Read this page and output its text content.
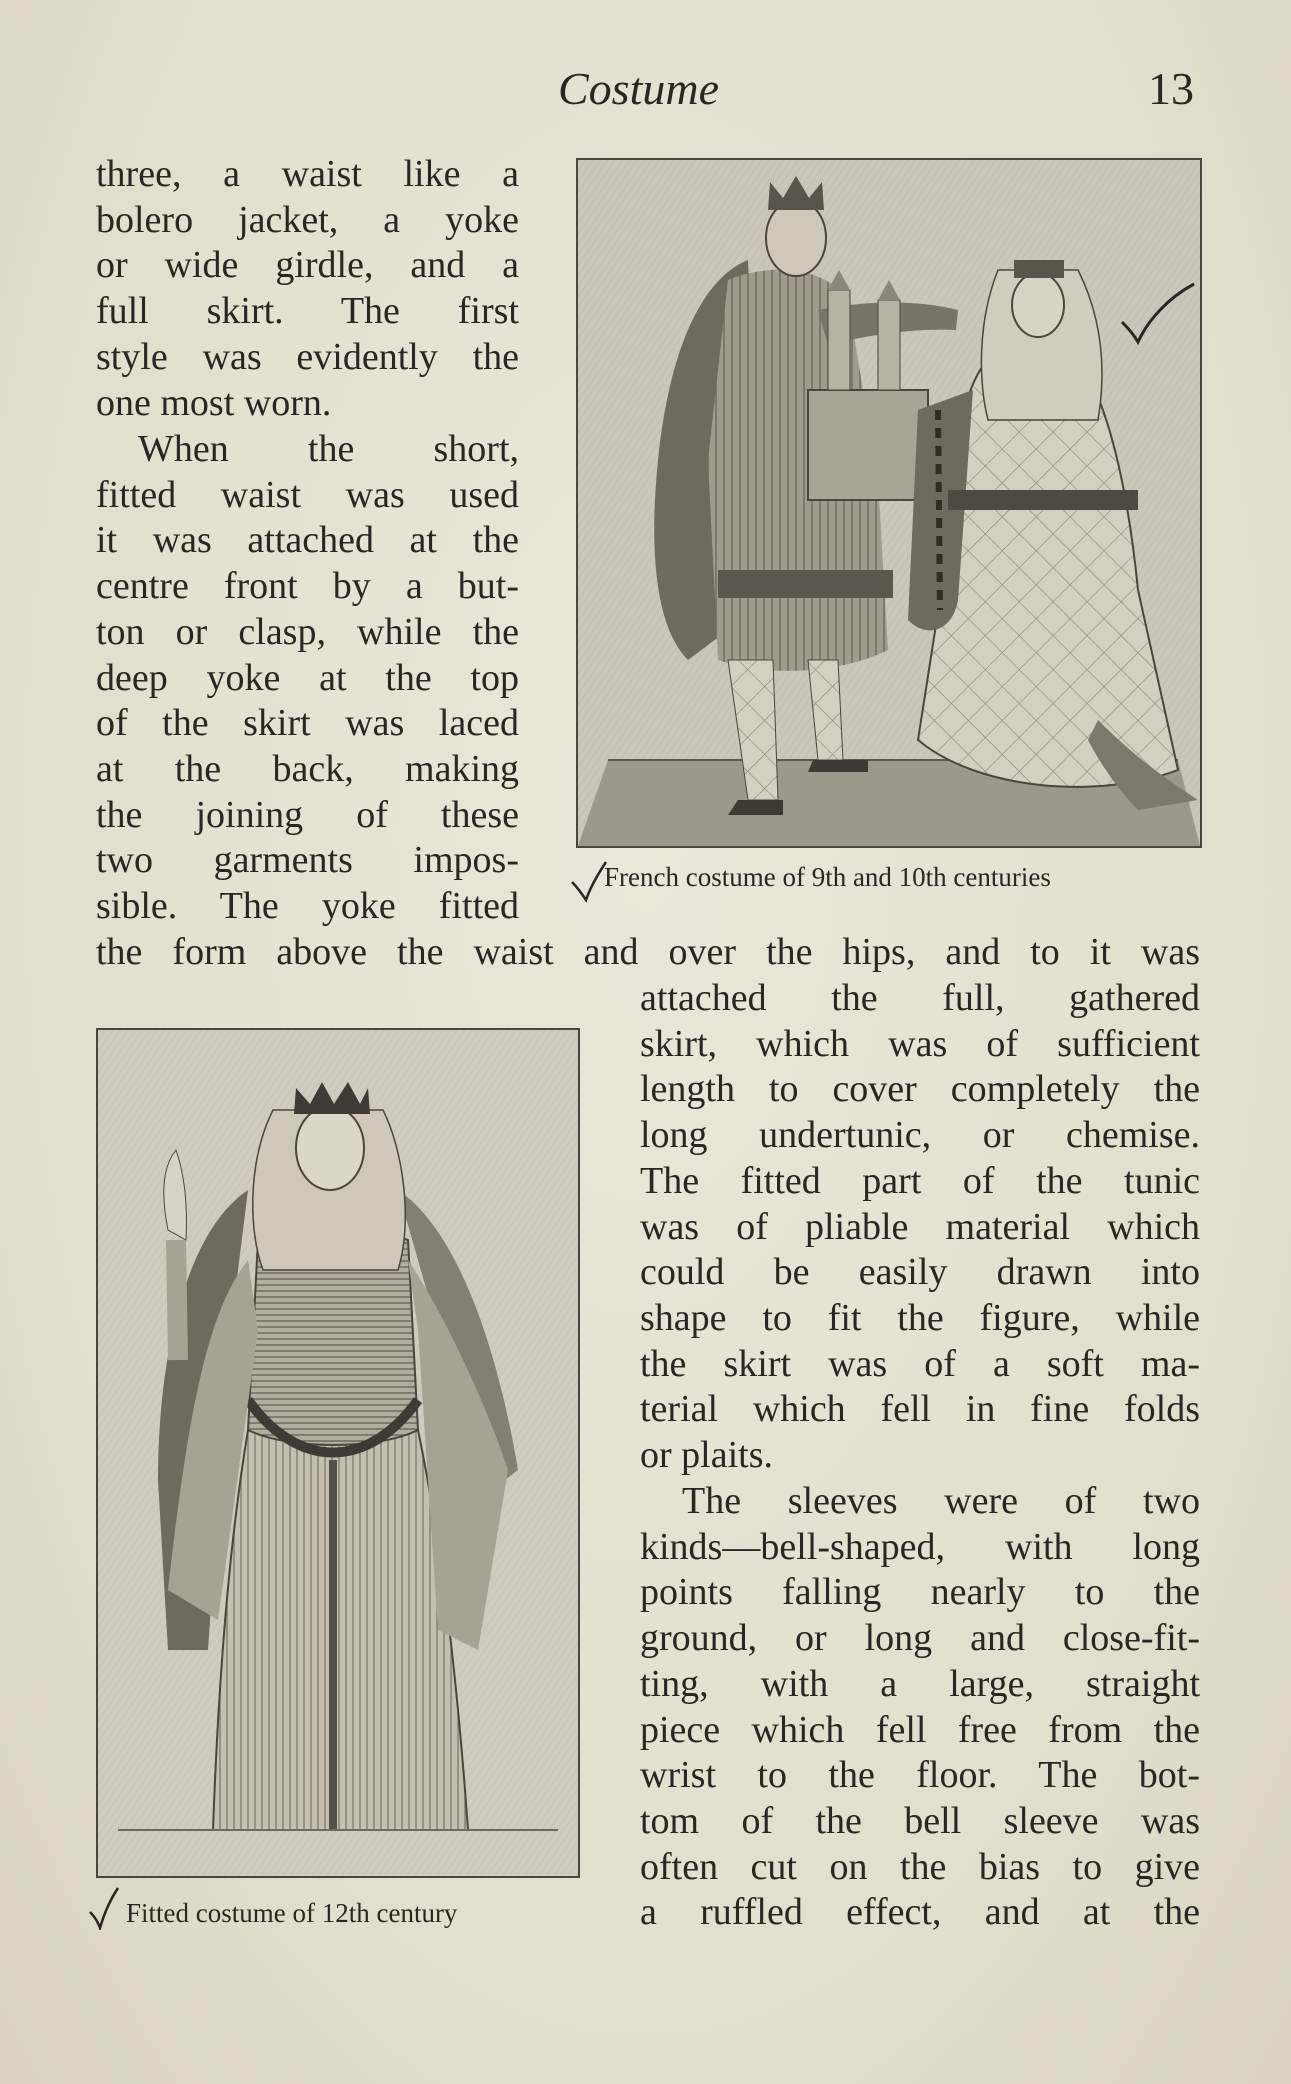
Costume	13

three, a waist like a
bolero jacket, a yoke
or wide girdle, and a
full skirt. The first
style was evidently the
one most worn.

When the short,
fitted waist was used
it was attached at the
centre front by a but-
ton or clasp, while the
deep yoke at the top
of the skirt was laced
at the back, making
the joining of these
two garments impos-
sible. The yoke fitted

the form above the waist and over the hips, and to it was

attached the full, gathered
skirt, which was of sufficient
length to cover completely the
long undertunic, or chemise.
The fitted part of the tunic
was of pliable material which
could be easily drawn into
shape to fit the figure, while
the skirt was of a soft ma-
terial which fell in fine folds
or plaits.

The sleeves were of two
kinds—bell-shaped, with long
points falling nearly to the
ground, or long and close-fit-
ting, with a large, straight
piece which fell free from the
wrist to the floor. The bot-
tom of the bell sleeve was
often cut on the bias to give
a ruffled effect, and at the

French costume of 9th and 10th centuries
Fitted costume of 12th century
